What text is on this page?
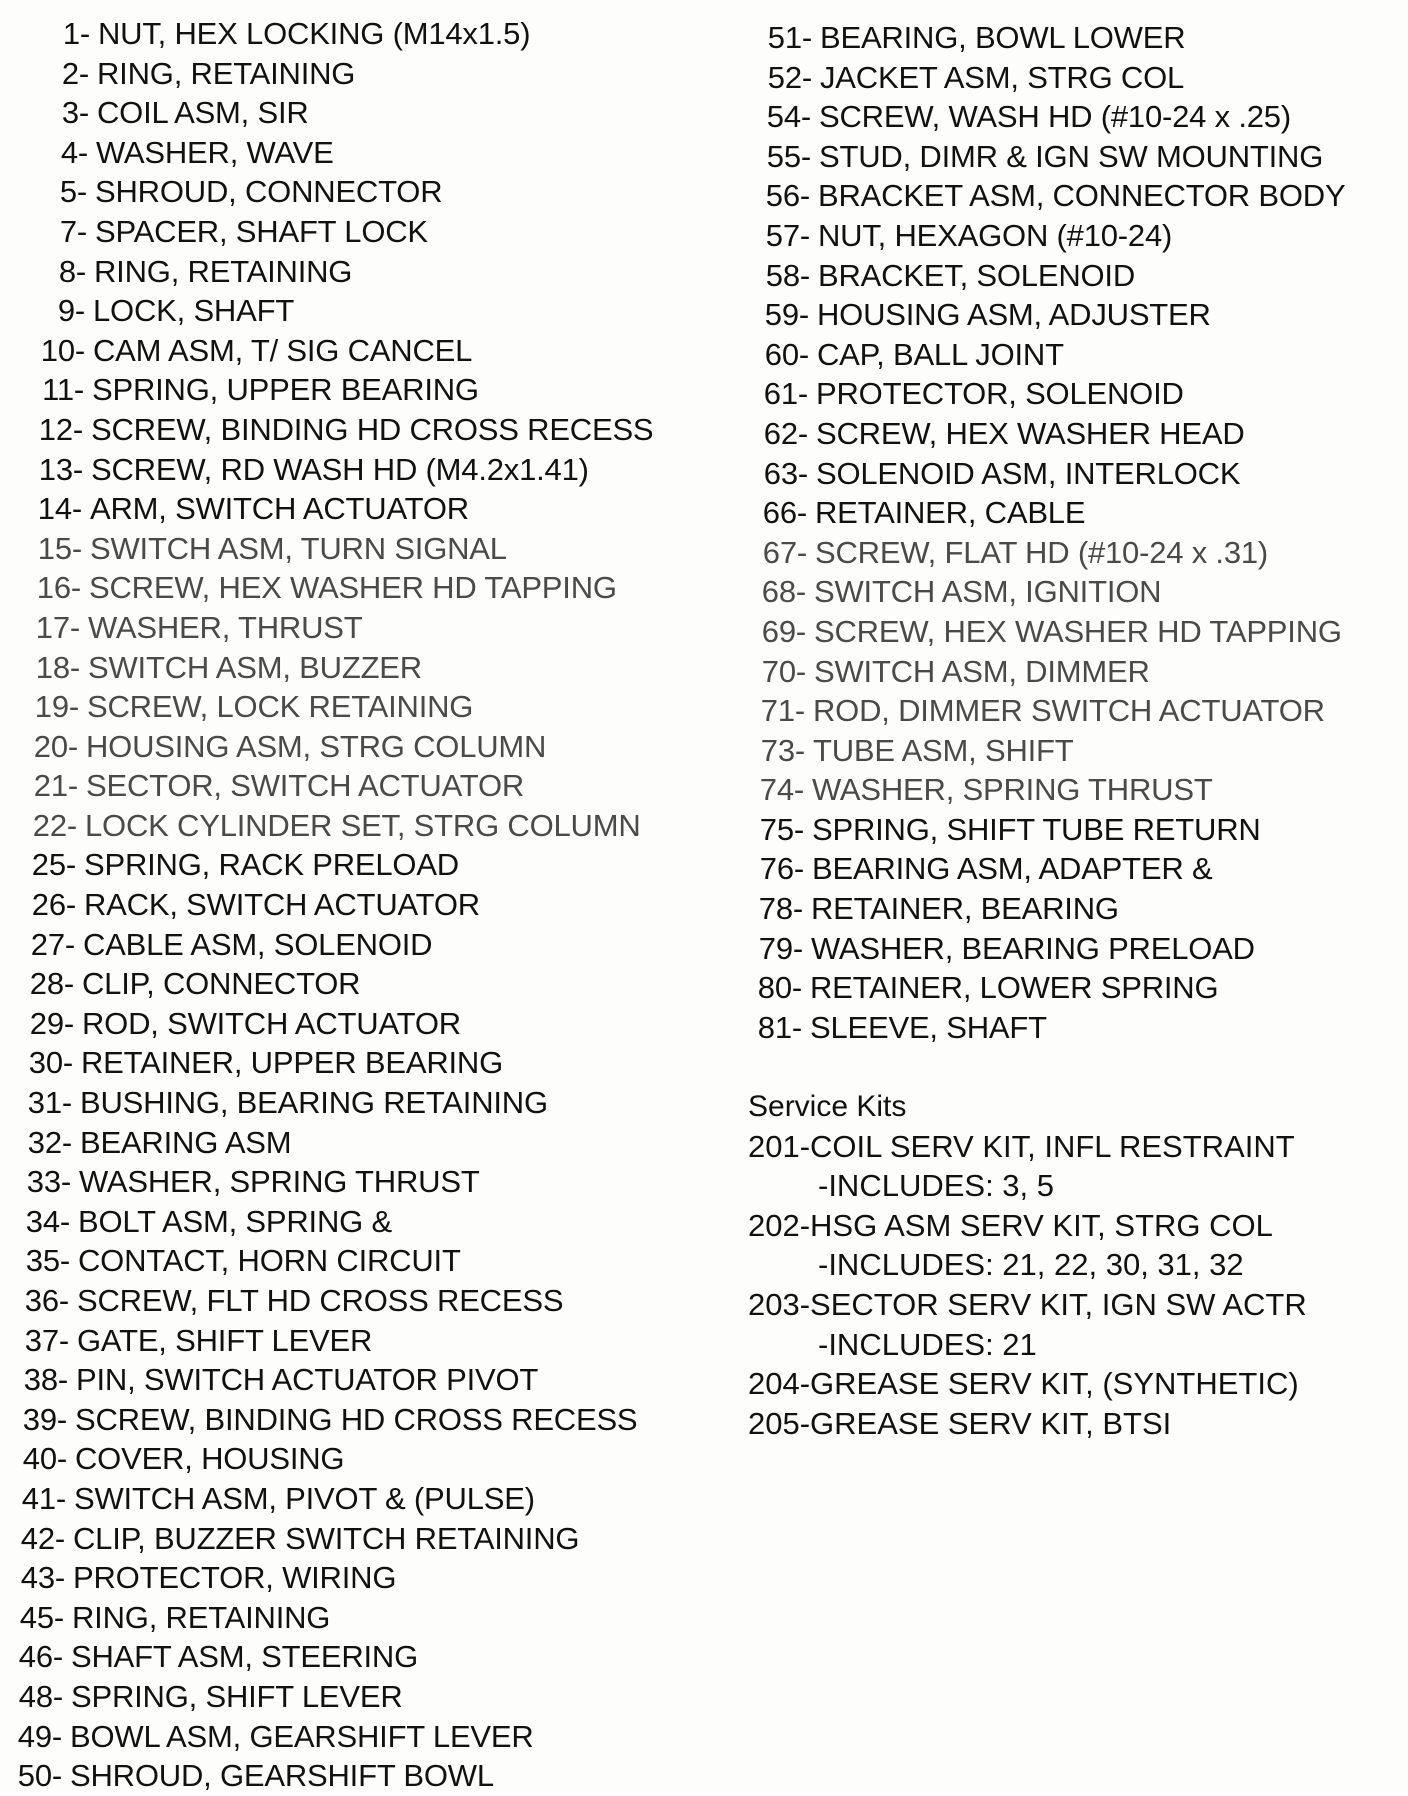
1- NUT, HEX LOCKING (M14x1.5)
2- RING, RETAINING
3- COIL ASM, SIR
4- WASHER, WAVE
5- SHROUD, CONNECTOR
7- SPACER, SHAFT LOCK
8- RING, RETAINING
9- LOCK, SHAFT
10- CAM ASM, T/ SIG CANCEL
11- SPRING, UPPER BEARING
12- SCREW, BINDING HD CROSS RECESS
13- SCREW, RD WASH HD (M4.2x1.41)
14- ARM, SWITCH ACTUATOR
15- SWITCH ASM, TURN SIGNAL
16- SCREW, HEX WASHER HD TAPPING
17- WASHER, THRUST
18- SWITCH ASM, BUZZER
19- SCREW, LOCK RETAINING
20- HOUSING ASM, STRG COLUMN
21- SECTOR, SWITCH ACTUATOR
22- LOCK CYLINDER SET, STRG COLUMN
25- SPRING, RACK PRELOAD
26- RACK, SWITCH ACTUATOR
27- CABLE ASM, SOLENOID
28- CLIP, CONNECTOR
29- ROD, SWITCH ACTUATOR
30- RETAINER, UPPER BEARING
31- BUSHING, BEARING RETAINING
32- BEARING ASM
33- WASHER, SPRING THRUST
34- BOLT ASM, SPRING &
35- CONTACT, HORN CIRCUIT
36- SCREW, FLT HD CROSS RECESS
37- GATE, SHIFT LEVER
38- PIN, SWITCH ACTUATOR PIVOT
39- SCREW, BINDING HD CROSS RECESS
40- COVER, HOUSING
41- SWITCH ASM, PIVOT & (PULSE)
42- CLIP, BUZZER SWITCH RETAINING
43- PROTECTOR, WIRING
45- RING, RETAINING
46- SHAFT ASM, STEERING
48- SPRING, SHIFT LEVER
49- BOWL ASM, GEARSHIFT LEVER
50- SHROUD, GEARSHIFT BOWL
51- BEARING, BOWL LOWER
52- JACKET ASM, STRG COL
54- SCREW, WASH HD (#10-24 x .25)
55- STUD, DIMR & IGN SW MOUNTING
56- BRACKET ASM, CONNECTOR BODY
57- NUT, HEXAGON (#10-24)
58- BRACKET, SOLENOID
59- HOUSING ASM, ADJUSTER
60- CAP, BALL JOINT
61- PROTECTOR, SOLENOID
62- SCREW, HEX WASHER HEAD
63- SOLENOID ASM, INTERLOCK
66- RETAINER, CABLE
67- SCREW, FLAT HD (#10-24 x .31)
68- SWITCH ASM, IGNITION
69- SCREW, HEX WASHER HD TAPPING
70- SWITCH ASM, DIMMER
71- ROD, DIMMER SWITCH ACTUATOR
73- TUBE ASM, SHIFT
74- WASHER, SPRING THRUST
75- SPRING, SHIFT TUBE RETURN
76- BEARING ASM, ADAPTER &
78- RETAINER, BEARING
79- WASHER, BEARING PRELOAD
80- RETAINER, LOWER SPRING
81- SLEEVE, SHAFT
Service Kits
201- COIL SERV KIT, INFL RESTRAINT
-INCLUDES: 3, 5
202- HSG ASM SERV KIT, STRG COL
-INCLUDES: 21, 22, 30, 31, 32
203- SECTOR SERV KIT, IGN SW ACTR
-INCLUDES: 21
204- GREASE SERV KIT, (SYNTHETIC)
205- GREASE SERV KIT, BTSI
